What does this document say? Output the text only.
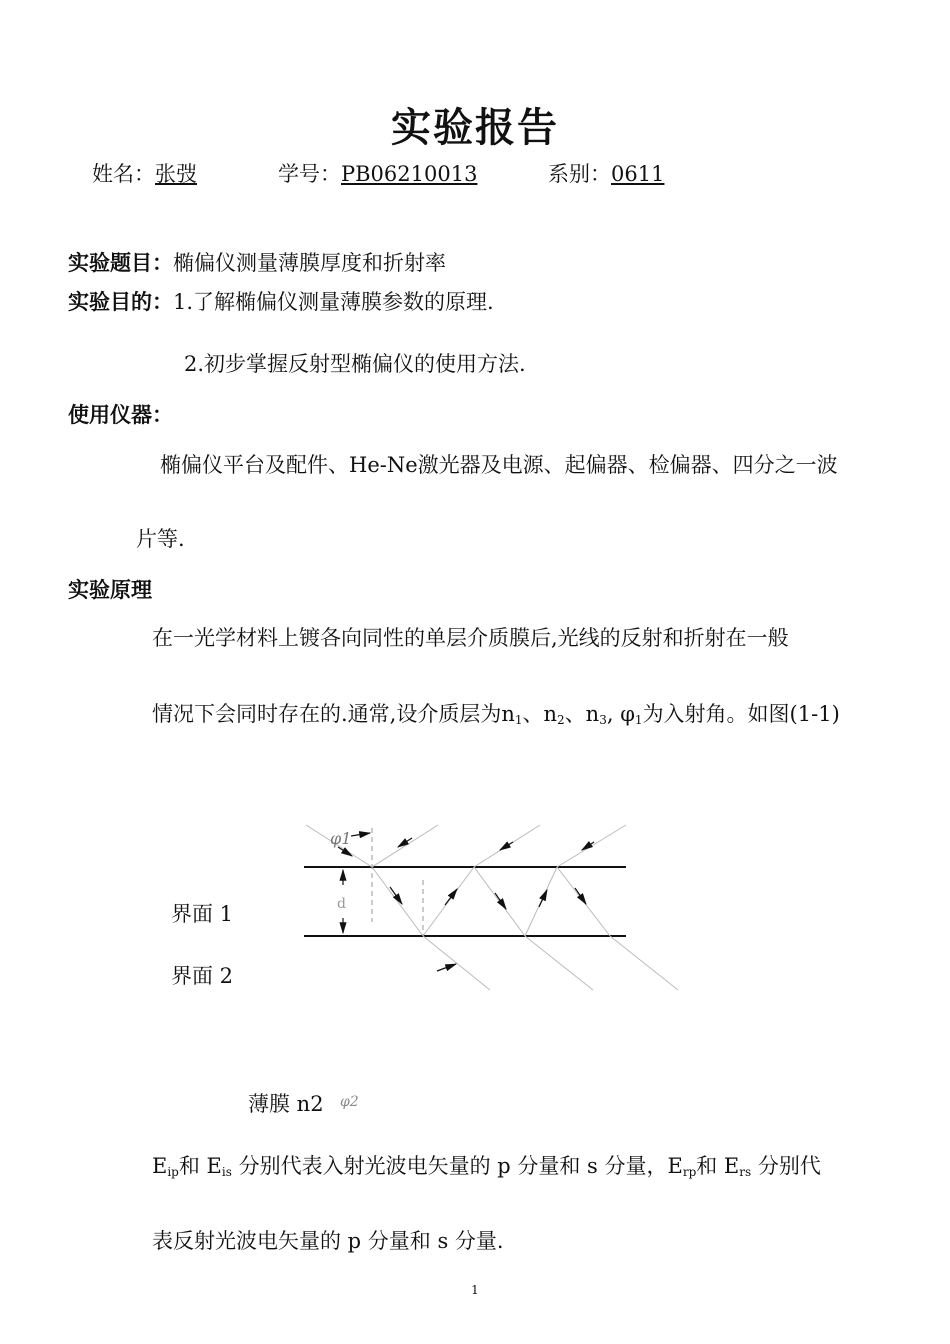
实验报告
姓名：张弢	学号：PB06210013	系别：0611
实验题目：椭偏仪测量薄膜厚度和折射率
实验目的：1.了解椭偏仪测量薄膜参数的原理.
2.初步掌握反射型椭偏仪的使用方法.
使用仪器：
椭偏仪平台及配件、He-Ne激光器及电源、起偏器、检偏器、四分之一波
片等.
实验原理
在一光学材料上镀各向同性的单层介质膜后,光线的反射和折射在一般
情况下会同时存在的.通常,设介质层为$n_1$、$n_2$、$n_3$, $\varphi_1$为入射角。如图(1-1)
d
φ1
界面 1
界面 2
薄膜 n2 φ2
$E_{ip}$和 $E_{is}$ 分别代表入射光波电矢量的 p 分量和 s 分量，$E_{rp}$和 $E_{rs}$ 分别代
表反射光波电矢量的 p 分量和 s 分量.
1
